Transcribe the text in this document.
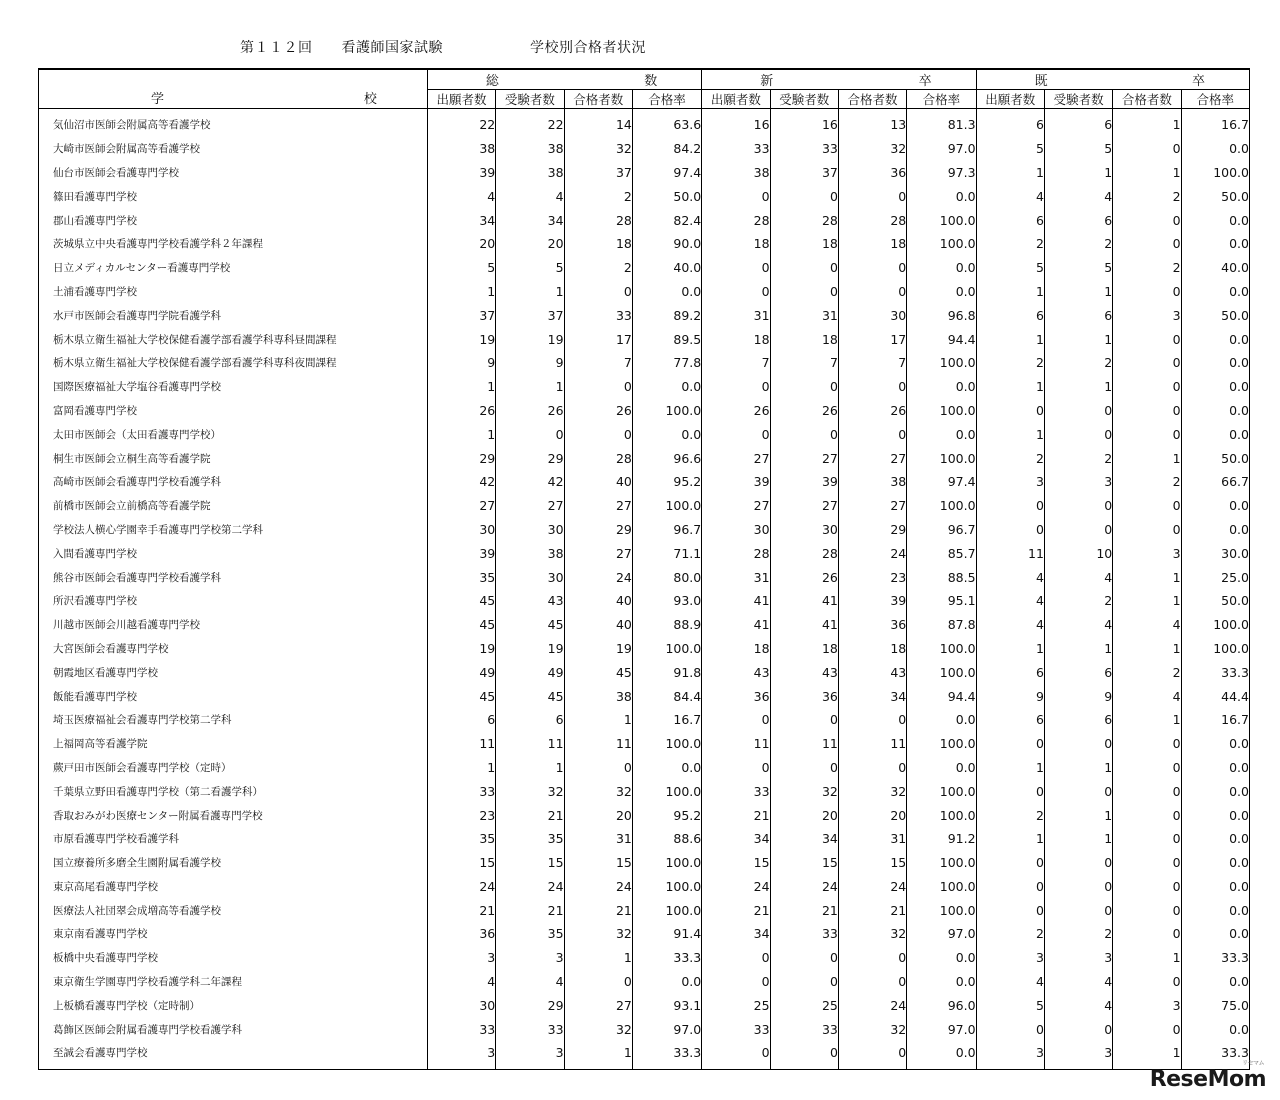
第１１２回　　看護師国家試験　　　　　　学校別合格者状況
学 校	総 数				新 卒				既 卒			

	出願者数	受験者数	合格者数	合格率	出願者数	受験者数	合格者数	合格率	出願者数	受験者数	合格者数	合格率
気仙沼市医師会附属高等看護学校	22	22	14	63.6	16	16	13	81.3	6	6	1	16.7
大崎市医師会附属高等看護学校	38	38	32	84.2	33	33	32	97.0	5	5	0	0.0
仙台市医師会看護専門学校	39	38	37	97.4	38	37	36	97.3	1	1	1	100.0
篠田看護専門学校	4	4	2	50.0	0	0	0	0.0	4	4	2	50.0
郡山看護専門学校	34	34	28	82.4	28	28	28	100.0	6	6	0	0.0
茨城県立中央看護専門学校看護学科２年課程	20	20	18	90.0	18	18	18	100.0	2	2	0	0.0
日立メディカルセンター看護専門学校	5	5	2	40.0	0	0	0	0.0	5	5	2	40.0
土浦看護専門学校	1	1	0	0.0	0	0	0	0.0	1	1	0	0.0
水戸市医師会看護専門学院看護学科	37	37	33	89.2	31	31	30	96.8	6	6	3	50.0
栃木県立衛生福祉大学校保健看護学部看護学科専科昼間課程	19	19	17	89.5	18	18	17	94.4	1	1	0	0.0
栃木県立衛生福祉大学校保健看護学部看護学科専科夜間課程	9	9	7	77.8	7	7	7	100.0	2	2	0	0.0
国際医療福祉大学塩谷看護専門学校	1	1	0	0.0	0	0	0	0.0	1	1	0	0.0
富岡看護専門学校	26	26	26	100.0	26	26	26	100.0	0	0	0	0.0
太田市医師会（太田看護専門学校）	1	0	0	0.0	0	0	0	0.0	1	0	0	0.0
桐生市医師会立桐生高等看護学院	29	29	28	96.6	27	27	27	100.0	2	2	1	50.0
高崎市医師会看護専門学校看護学科	42	42	40	95.2	39	39	38	97.4	3	3	2	66.7
前橋市医師会立前橋高等看護学院	27	27	27	100.0	27	27	27	100.0	0	0	0	0.0
学校法人横心学園幸手看護専門学校第二学科	30	30	29	96.7	30	30	29	96.7	0	0	0	0.0
入間看護専門学校	39	38	27	71.1	28	28	24	85.7	11	10	3	30.0
熊谷市医師会看護専門学校看護学科	35	30	24	80.0	31	26	23	88.5	4	4	1	25.0
所沢看護専門学校	45	43	40	93.0	41	41	39	95.1	4	2	1	50.0
川越市医師会川越看護専門学校	45	45	40	88.9	41	41	36	87.8	4	4	4	100.0
大宮医師会看護専門学校	19	19	19	100.0	18	18	18	100.0	1	1	1	100.0
朝霞地区看護専門学校	49	49	45	91.8	43	43	43	100.0	6	6	2	33.3
飯能看護専門学校	45	45	38	84.4	36	36	34	94.4	9	9	4	44.4
埼玉医療福祉会看護専門学校第二学科	6	6	1	16.7	0	0	0	0.0	6	6	1	16.7
上福岡高等看護学院	11	11	11	100.0	11	11	11	100.0	0	0	0	0.0
蕨戸田市医師会看護専門学校（定時）	1	1	0	0.0	0	0	0	0.0	1	1	0	0.0
千葉県立野田看護専門学校（第二看護学科）	33	32	32	100.0	33	32	32	100.0	0	0	0	0.0
香取おみがわ医療センター附属看護専門学校	23	21	20	95.2	21	20	20	100.0	2	1	0	0.0
市原看護専門学校看護学科	35	35	31	88.6	34	34	31	91.2	1	1	0	0.0
国立療養所多磨全生園附属看護学校	15	15	15	100.0	15	15	15	100.0	0	0	0	0.0
東京高尾看護専門学校	24	24	24	100.0	24	24	24	100.0	0	0	0	0.0
医療法人社団翠会成増高等看護学校	21	21	21	100.0	21	21	21	100.0	0	0	0	0.0
東京南看護専門学校	36	35	32	91.4	34	33	32	97.0	2	2	0	0.0
板橋中央看護専門学校	3	3	1	33.3	0	0	0	0.0	3	3	1	33.3
東京衛生学園専門学校看護学科二年課程	4	4	0	0.0	0	0	0	0.0	4	4	0	0.0
上板橋看護専門学校（定時制）	30	29	27	93.1	25	25	24	96.0	5	4	3	75.0
葛飾区医師会附属看護専門学校看護学科	33	33	32	97.0	33	33	32	97.0	0	0	0	0.0
至誠会看護専門学校	3	3	1	33.3	0	0	0	0.0	3	3	1	33.3
リセマム
ReseMom
